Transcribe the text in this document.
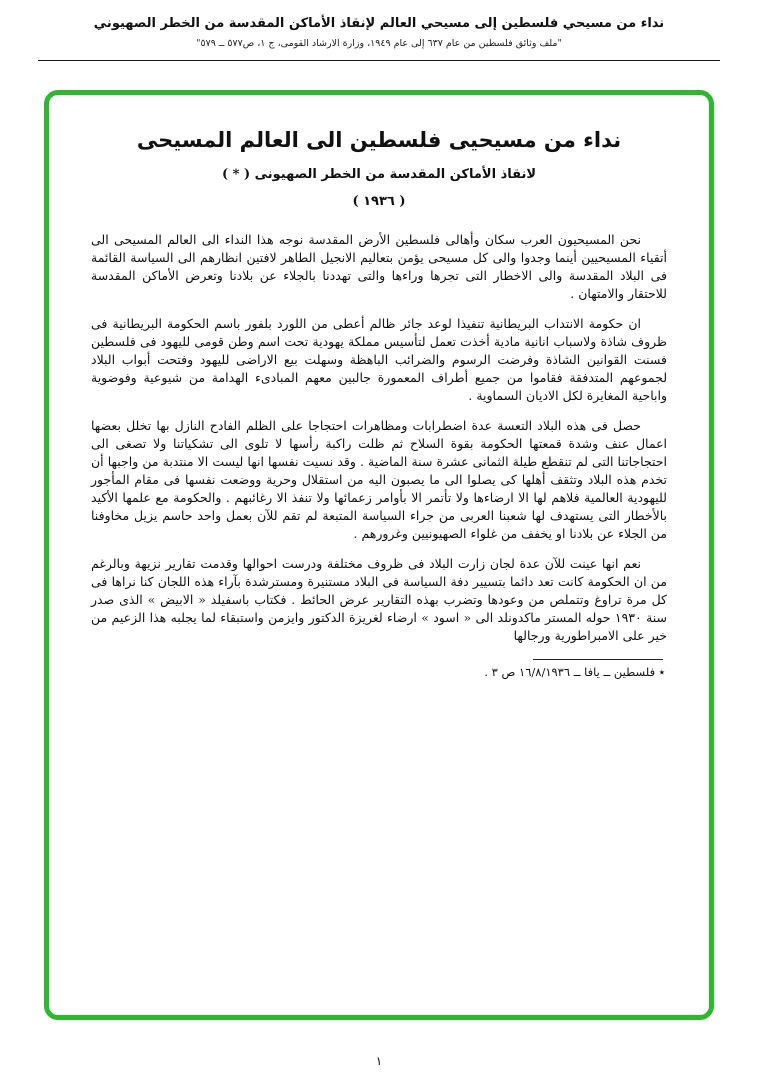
نداء من مسيحي فلسطين إلى مسيحي العالم لإنقاذ الأماكن المقدسة من الخطر الصهيوني
"ملف وثائق فلسطين من عام ٦٣٧ إلى عام ١٩٤٩، وزارة الارشاد القومى، ج ١، ص٥٧٧ ــ ٥٧٩"
نداء من مسيحيى فلسطين الى العالم المسيحى
لانقاذ الأماكن المقدسة من الخطر الصهيونى ( * )
( ١٩٣٦ )

نحن المسيحيون العرب سكان وأهالى فلسطين الأرض المقدسة نوجه هذا النداء الى العالم المسيحى الى أتقياء المسيحيين أينما وجدوا والى كل مسيحى يؤمن بتعاليم الانجيل الطاهر لافتين انظارهم الى السياسة القائمة فى البلاد المقدسة والى الاخطار التى تجرها وراءها والتى تهددنا بالجلاء عن بلادنا وتعرض الأماكن المقدسة للاحتقار والامتهان .

ان حكومة الانتداب البريطانية تنفيذا لوعد جائر ظالم أعطى من اللورد بلفور باسم الحكومة البريطانية فى ظروف شاذة ولاسباب انانية مادية أخذت تعمل لتأسيس مملكة يهودية تحت اسم وطن قومى لليهود فى فلسطين فسنت القوانين الشاذة وفرضت الرسوم والضرائب الباهظة وسهلت بيع الاراضى لليهود وفتحت أبواب البلاد لجموعهم المتدفقة فقاموا من جميع أطراف المعمورة جالبين معهم المبادىء الهدامة من شيوعية وفوضوية واباحية المغايرة لكل الاديان السماوية .

حصل فى هذه البلاد التعسة عدة اضطرابات ومظاهرات احتجاجا على الظلم الفادح النازل بها تخلل بعضها اعمال عنف وشدة قمعتها الحكومة بقوة السلاح ثم ظلت راكبة رأسها لا تلوى الى تشكياتنا ولا تصغى الى احتجاجاتنا التى لم تنقطع طيلة الثمانى عشرة سنة الماضية . وقد نسيت نفسها انها ليست الا منتدبة من واجبها أن تخدم هذه البلاد وتثقف أهلها كى يصلوا الى ما يصبون اليه من استقلال وحرية ووضعت نفسها فى مقام المأجور لليهودية العالمية فلاهم لها الا ارضاءها ولا تأتمر الا بأوامر زعمائها ولا تنفذ الا رغائبهم . والحكومة مع علمها الأكيد بالأخطار التى يستهدف لها شعبنا العربى من جراء السياسة المتبعة لم تقم للآن بعمل واحد حاسم يزيل مخاوفنا من الجلاء عن بلادنا او يخفف من غلواء الصهيونيين وغرورهم .

نعم انها عينت للآن عدة لجان زارت البلاد فى ظروف مختلفة ودرست احوالها وقدمت تقارير نزيهة وبالرغم من ان الحكومة كانت تعد دائما بتسيير دفة السياسة فى البلاد مستنيرة ومسترشدة بآراء هذه اللجان كنا نراها فى كل مرة تراوغ وتتملص من وعودها وتضرب بهذه التقارير عرض الحائط . فكتاب باسفيلد « الابيض » الذى صدر سنة ١٩٣٠ حوله المستر ماكدونلد الى « اسود » ارضاء لغريزة الدكتور وايزمن واستبقاء لما يجلبه هذا الزعيم من خير على الامبراطورية ورجالها

٭ فلسطين ــ يافا ــ ١٦/٨/١٩٣٦ ص ٣ .
١
